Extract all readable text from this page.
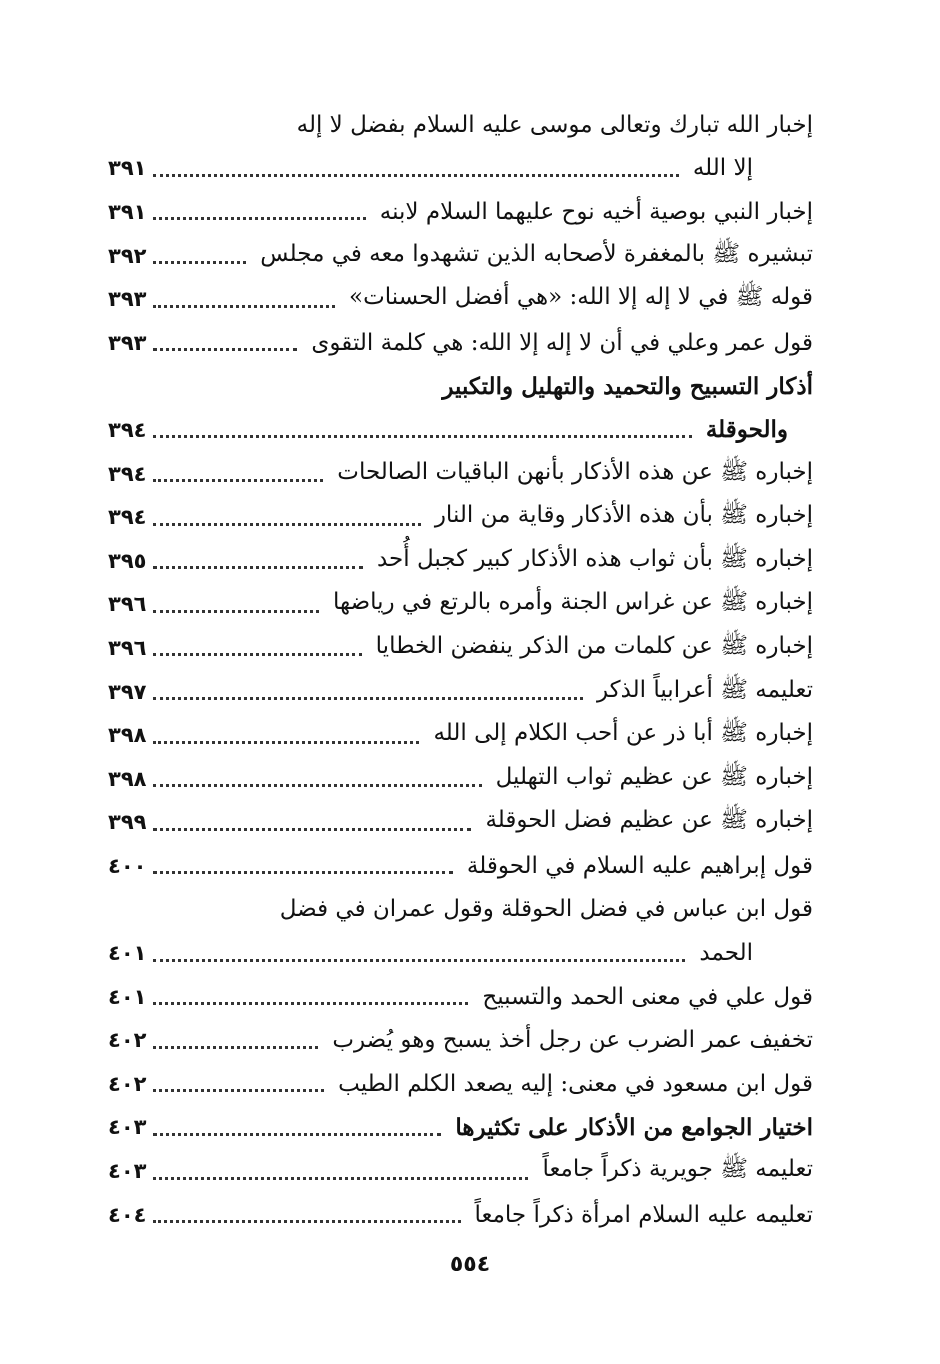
إخبار الله تبارك وتعالى موسى عليه السلام بفضل لا إله
إلا الله
٣٩١
إخبار النبي بوصية أخيه نوح عليهما السلام لابنه
٣٩١
تبشيره ﷺ بالمغفرة لأصحابه الذين تشهدوا معه في مجلس
٣٩٢
قوله ﷺ في لا إله إلا الله: «هي أفضل الحسنات»
٣٩٣
قول عمر وعلي في أن لا إله إلا الله: هي كلمة التقوى
٣٩٣
أذكار التسبيح والتحميد والتهليل والتكبير
والحوقلة
٣٩٤
إخباره ﷺ عن هذه الأذكار بأنهن الباقيات الصالحات
٣٩٤
إخباره ﷺ بأن هذه الأذكار وقاية من النار
٣٩٤
إخباره ﷺ بأن ثواب هذه الأذكار كبير كجبل أُحد
٣٩٥
إخباره ﷺ عن غراس الجنة وأمره بالرتع في رياضها
٣٩٦
إخباره ﷺ عن كلمات من الذكر ينفضن الخطايا
٣٩٦
تعليمه ﷺ أعرابياً الذكر
٣٩٧
إخباره ﷺ أبا ذر عن أحب الكلام إلى الله
٣٩٨
إخباره ﷺ عن عظيم ثواب التهليل
٣٩٨
إخباره ﷺ عن عظيم فضل الحوقلة
٣٩٩
قول إبراهيم عليه السلام في الحوقلة
٤٠٠
قول ابن عباس في فضل الحوقلة وقول عمران في فضل
الحمد
٤٠١
قول علي في معنى الحمد والتسبيح
٤٠١
تخفيف عمر الضرب عن رجل أخذ يسبح وهو يُضرب
٤٠٢
قول ابن مسعود في معنى: إليه يصعد الكلم الطيب
٤٠٢
اختيار الجوامع من الأذكار على تكثيرها
٤٠٣
تعليمه ﷺ جويرية ذكراً جامعاً
٤٠٣
تعليمه عليه السلام امرأة ذكراً جامعاً
٤٠٤
٥٥٤
